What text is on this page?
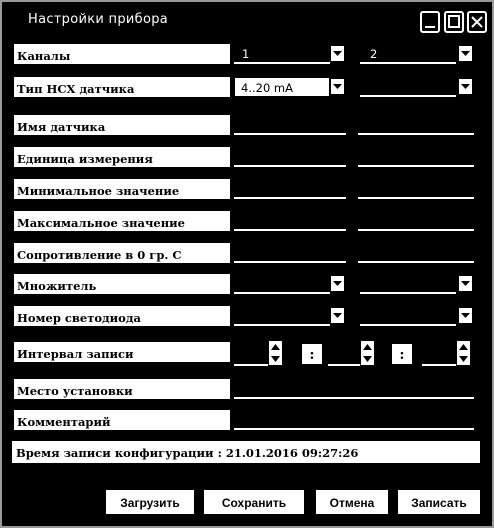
Настройки прибора
Каналы	1	2
Тип НСХ датчика	4..20 mA
Имя датчика
Единица измерения
Минимальное значение
Максимальное значение
Сопротивление в 0 гр. С
Множитель
Номер светодиода
Интервал записи	:	:
Место установки
Комментарий
Время записи конфигурации : 21.01.2016 09:27:26
Загрузить	Сохранить	Отмена	Записать
